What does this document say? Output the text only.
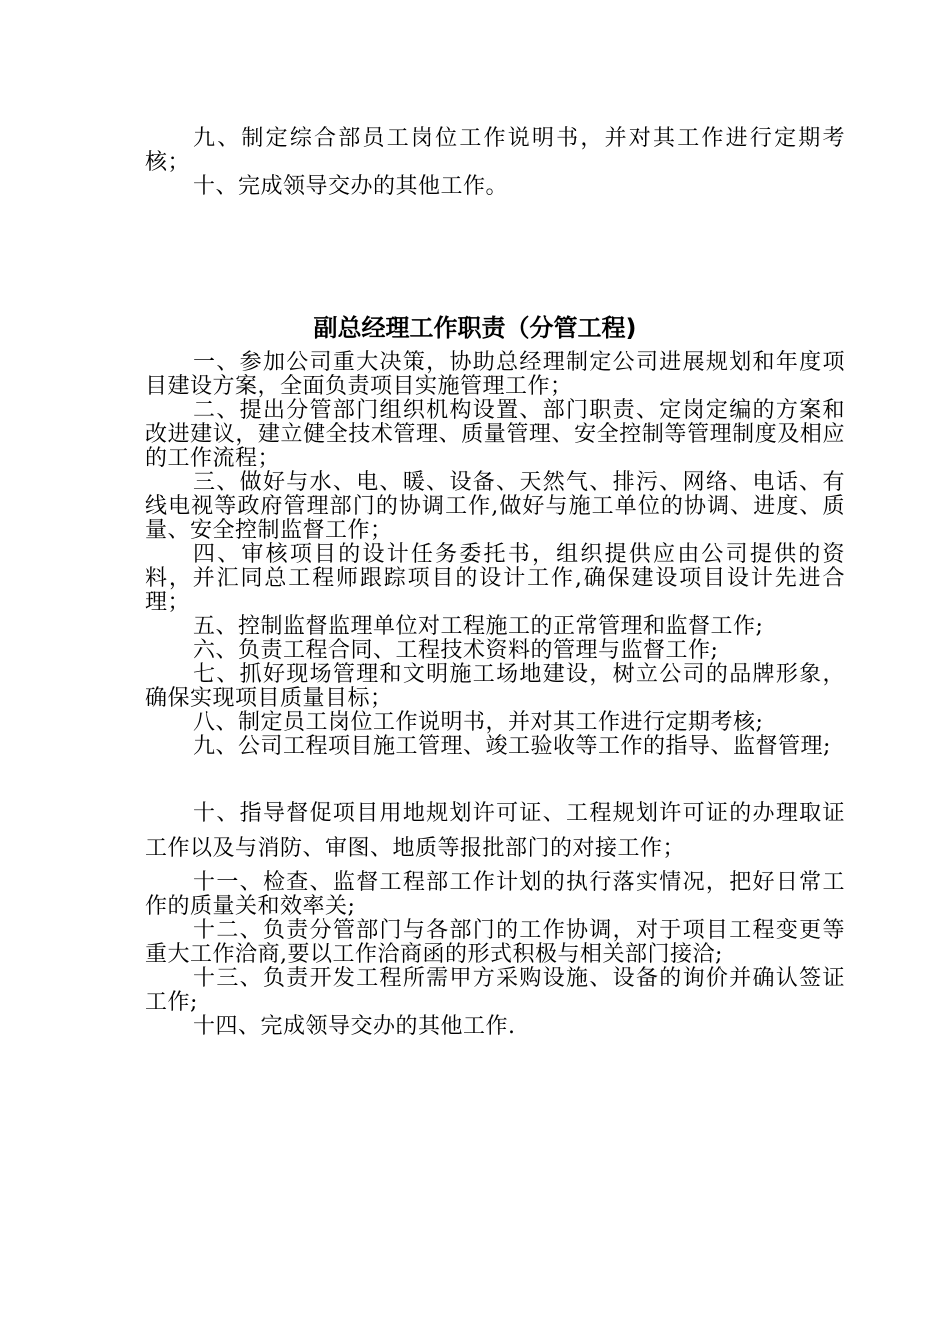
九、制定综合部员工岗位工作说明书，并对其工作进行定期考核；

十、完成领导交办的其他工作。

副总经理工作职责（分管工程)

一、参加公司重大决策，协助总经理制定公司进展规划和年度项目建设方案，全面负责项目实施管理工作；

二、提出分管部门组织机构设置、部门职责、定岗定编的方案和改进建议，建立健全技术管理、质量管理、安全控制等管理制度及相应的工作流程；

三、做好与水、电、暖、设备、天然气、排污、网络、电话、有线电视等政府管理部门的协调工作,做好与施工单位的协调、进度、质量、安全控制监督工作；

四、审核项目的设计任务委托书，组织提供应由公司提供的资料，并汇同总工程师跟踪项目的设计工作,确保建设项目设计先进合理；

五、控制监督监理单位对工程施工的正常管理和监督工作;

六、负责工程合同、工程技术资料的管理与监督工作;

七、抓好现场管理和文明施工场地建设，树立公司的品牌形象，确保实现项目质量目标；

八、制定员工岗位工作说明书，并对其工作进行定期考核;

九、公司工程项目施工管理、竣工验收等工作的指导、监督管理;

十、指导督促项目用地规划许可证、工程规划许可证的办理取证工作以及与消防、审图、地质等报批部门的对接工作；

十一、检查、监督工程部工作计划的执行落实情况，把好日常工作的质量关和效率关;

十二、负责分管部门与各部门的工作协调，对于项目工程变更等重大工作洽商,要以工作洽商函的形式积极与相关部门接洽;

十三、负责开发工程所需甲方采购设施、设备的询价并确认签证工作;

十四、完成领导交办的其他工作.
